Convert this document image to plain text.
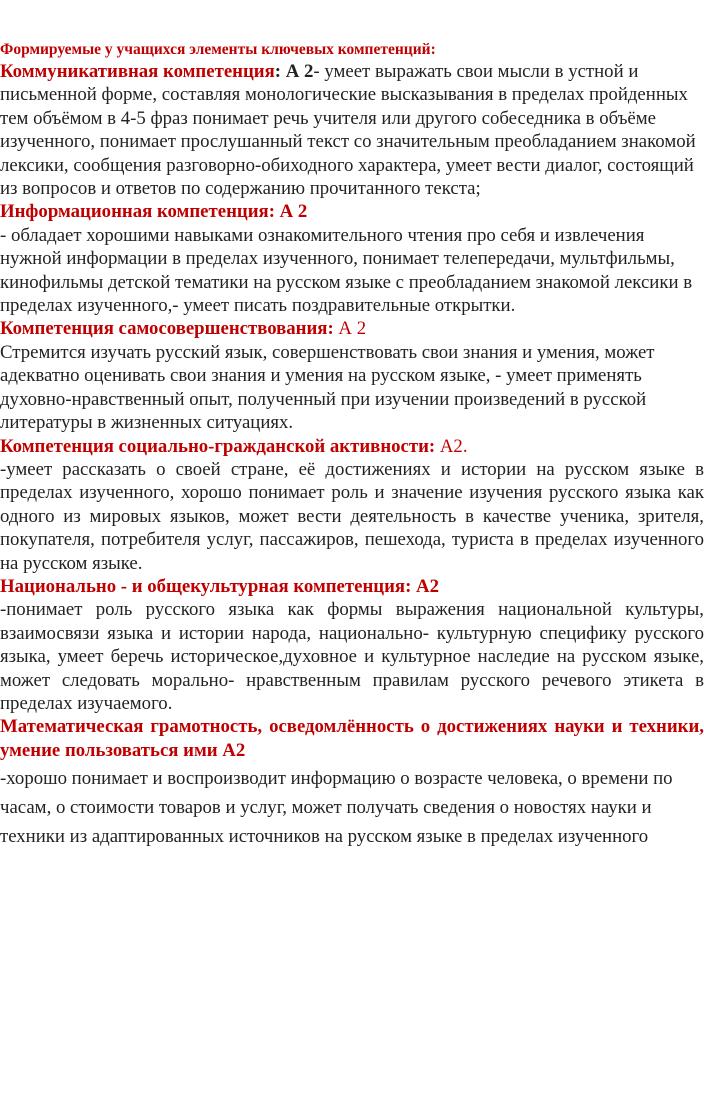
Формируемые у учащихся элементы ключевых компетенций:

Коммуникативная компетенция: А 2- умеет выражать свои мысли в устной и письменной форме, составляя монологические высказывания в пределах пройденных тем объёмом в 4-5 фраз понимает речь учителя или другого собеседника в объёме изученного, понимает прослушанный текст со значительным преобладанием знакомой лексики, сообщения разговорно-обиходного характера, умеет вести диалог, состоящий из вопросов и ответов по содержанию прочитанного текста;

Информационная компетенция: А 2
- обладает хорошими навыками ознакомительного чтения про себя и извлечения нужной информации в пределах изученного, понимает телепередачи, мультфильмы, кинофильмы детской тематики на русском языке с преобладанием знакомой лексики в пределах изученного,- умеет писать поздравительные открытки.

Компетенция самосовершенствования: А 2
Стремится изучать русский язык, совершенствовать свои знания и умения, может адекватно оценивать свои знания и умения на русском языке, - умеет применять духовно-нравственный опыт, полученный при изучении произведений в русской литературы в жизненных ситуациях.

Компетенция социально-гражданской активности: А2.
-умеет рассказать о своей стране, её достижениях и истории на русском языке в пределах изученного, хорошо понимает роль и значение изучения русского языка как одного из мировых языков, может вести деятельность в качестве ученика, зрителя, покупателя, потребителя услуг, пассажиров, пешехода, туриста в пределах изученного на русском языке.

Национально - и общекультурная компетенция: А2
-понимает роль русского языка как формы выражения национальной культуры, взаимосвязи языка и истории народа, национально- культурную специфику русского языка, умеет беречь историческое,духовное и культурное наследие на русском языке, может следовать морально- нравственным правилам русского речевого этикета в пределах изучаемого.

Математическая грамотность, осведомлённость о достижениях науки и техники, умение пользоваться ими А2

-хорошо понимает и воспроизводит информацию о возрасте человека, о времени по часам, о стоимости товаров и услуг, может получать сведения о новостях науки и техники из адаптированных источников на русском языке в пределах изученного
